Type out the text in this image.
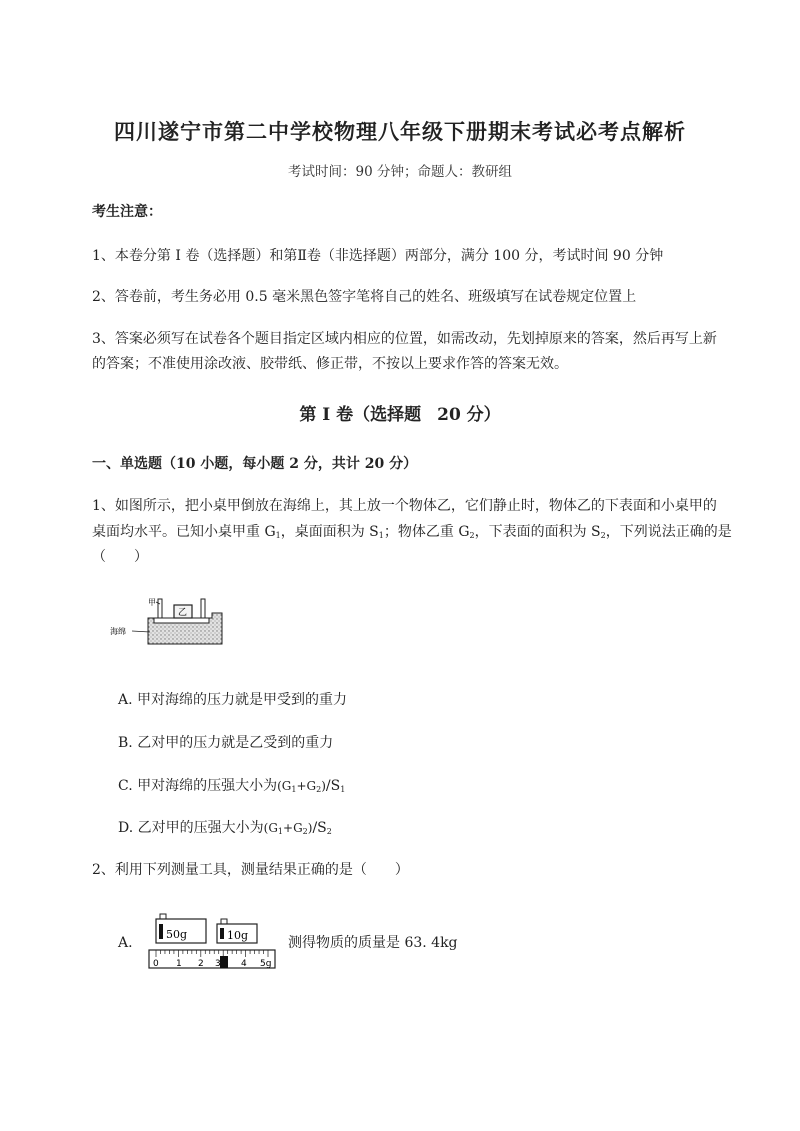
四川遂宁市第二中学校物理八年级下册期末考试必考点解析
考试时间：90 分钟；命题人：教研组
考生注意：
1、本卷分第 I 卷（选择题）和第Ⅱ卷（非选择题）两部分，满分 100 分，考试时间 90 分钟
2、答卷前，考生务必用 0.5 毫米黑色签字笔将自己的姓名、班级填写在试卷规定位置上
3、答案必须写在试卷各个题目指定区域内相应的位置，如需改动，先划掉原来的答案，然后再写上新
的答案；不准使用涂改液、胶带纸、修正带，不按以上要求作答的答案无效。
第 I 卷（选择题 20 分）
一、单选题（10 小题，每小题 2 分，共计 20 分）
1、如图所示，把小桌甲倒放在海绵上，其上放一个物体乙，它们静止时，物体乙的下表面和小桌甲的
桌面均水平。已知小桌甲重 $G_1$，桌面面积为 $S_1$；物体乙重 $G_2$，下表面的面积为 $S_2$，下列说法正确的是
（　　）
乙
甲
海绵
A. 甲对海绵的压力就是甲受到的重力
B. 乙对甲的压力就是乙受到的重力
C. 甲对海绵的压强大小为$(G_1+G_2)/S_1$
D. 乙对甲的压强大小为$(G_1+G_2)/S_2$
2、利用下列测量工具，测量结果正确的是（　　）
A.
50g	10g
0 1 2 3 4 5g
测得物质的质量是 63. 4kg
